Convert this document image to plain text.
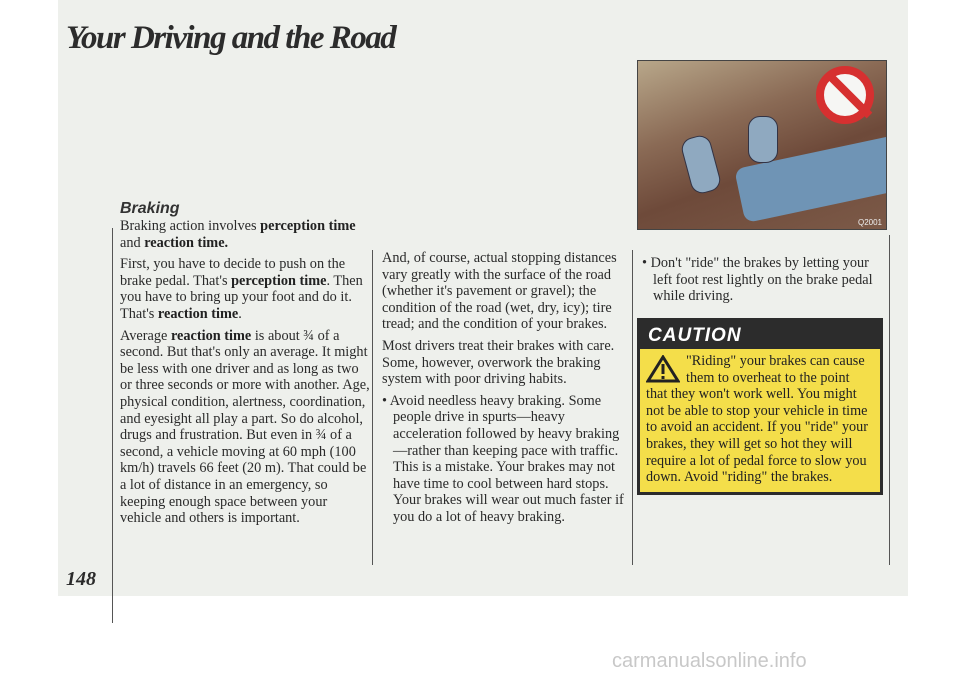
Your Driving and the Road
Braking

Braking action involves perception time and reaction time.

First, you have to decide to push on the brake pedal. That's perception time. Then you have to bring up your foot and do it. That's reaction time.

Average reaction time is about ¾ of a second. But that's only an average. It might be less with one driver and as long as two or three seconds or more with another. Age, physical condition, alertness, coordination, and eyesight all play a part. So do alcohol, drugs and frustration. But even in ¾ of a second, a vehicle moving at 60 mph (100 km/h) travels 66 feet (20 m). That could be a lot of distance in an emergency, so keeping enough space between your vehicle and others is important.

And, of course, actual stopping distances vary greatly with the surface of the road (whether it's pavement or gravel); the condition of the road (wet, dry, icy); tire tread; and the condition of your brakes.

Most drivers treat their brakes with care. Some, however, overwork the braking system with poor driving habits.

• Avoid needless heavy braking. Some people drive in spurts—heavy acceleration followed by heavy braking—rather than keeping pace with traffic. This is a mistake. Your brakes may not have time to cool between hard stops. Your brakes will wear out much faster if you do a lot of heavy braking.

Q2001

• Don't "ride" the brakes by letting your left foot rest lightly on the brake pedal while driving.

CAUTION
"Riding" your brakes can cause them to overheat to the point that they won't work well. You might not be able to stop your vehicle in time to avoid an accident. If you "ride" your brakes, they will get so hot they will require a lot of pedal force to slow you down. Avoid "riding" the brakes.
148
carmanualsonline.info
